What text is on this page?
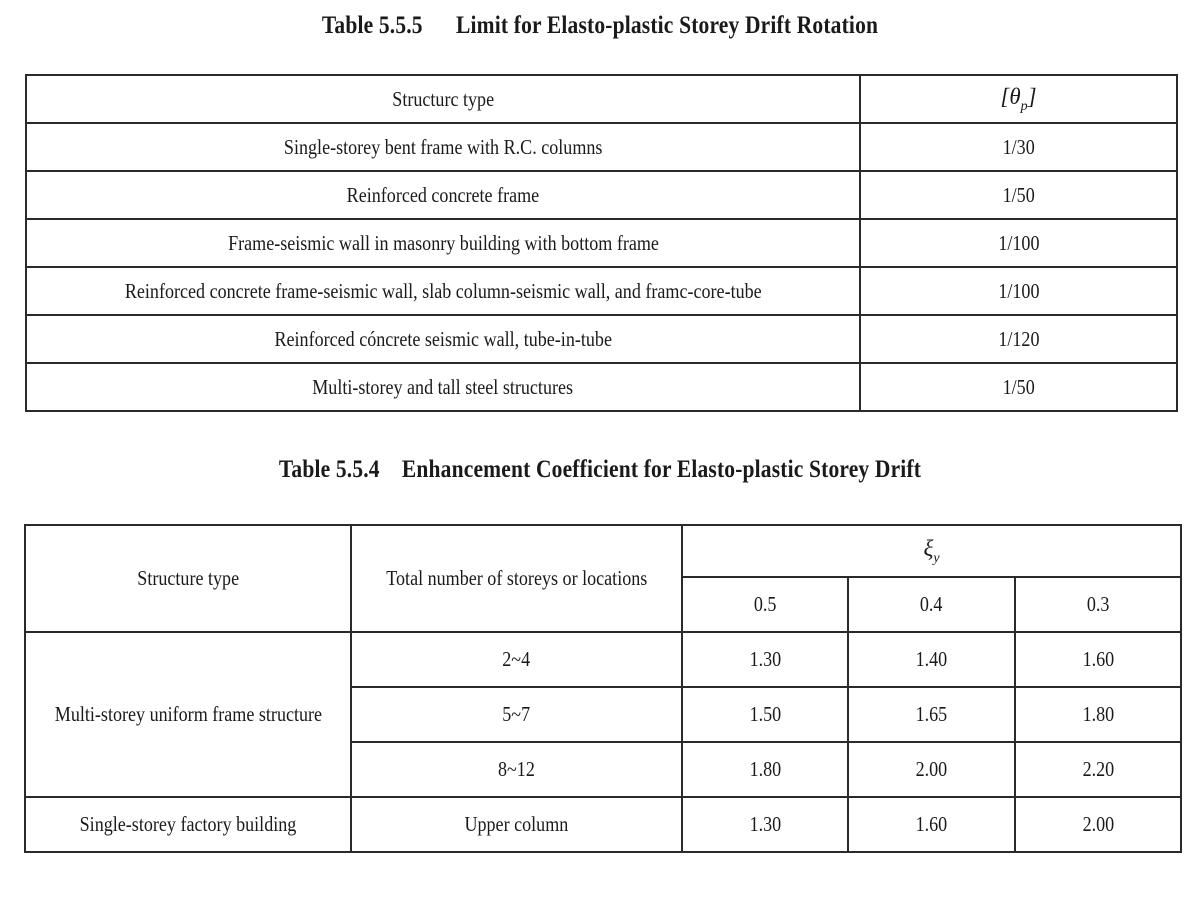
Table 5.5.5      Limit for Elasto-plastic Storey Drift Rotation
Structurc type	$[\theta_p]$
Single-storey bent frame with R.C. columns	1/30
Reinforced concrete frame	1/50
Frame-seismic wall in masonry building with bottom frame	1/100
Reinforced concrete frame-seismic wall, slab column-seismic wall, and framc-core-tube	1/100
Reinforced cóncrete seismic wall, tube-in-tube	1/120
Multi-storey and tall steel structures	1/50
Table 5.5.4    Enhancement Coefficient for Elasto-plastic Storey Drift
Structure type	Total number of storeys or locations	$\xi_y$
		0.5	0.4	0.3
Multi-storey uniform frame structure	2~4	1.30	1.40	1.60
	5~7	1.50	1.65	1.80
	8~12	1.80	2.00	2.20
Single-storey factory building	Upper column	1.30	1.60	2.00
